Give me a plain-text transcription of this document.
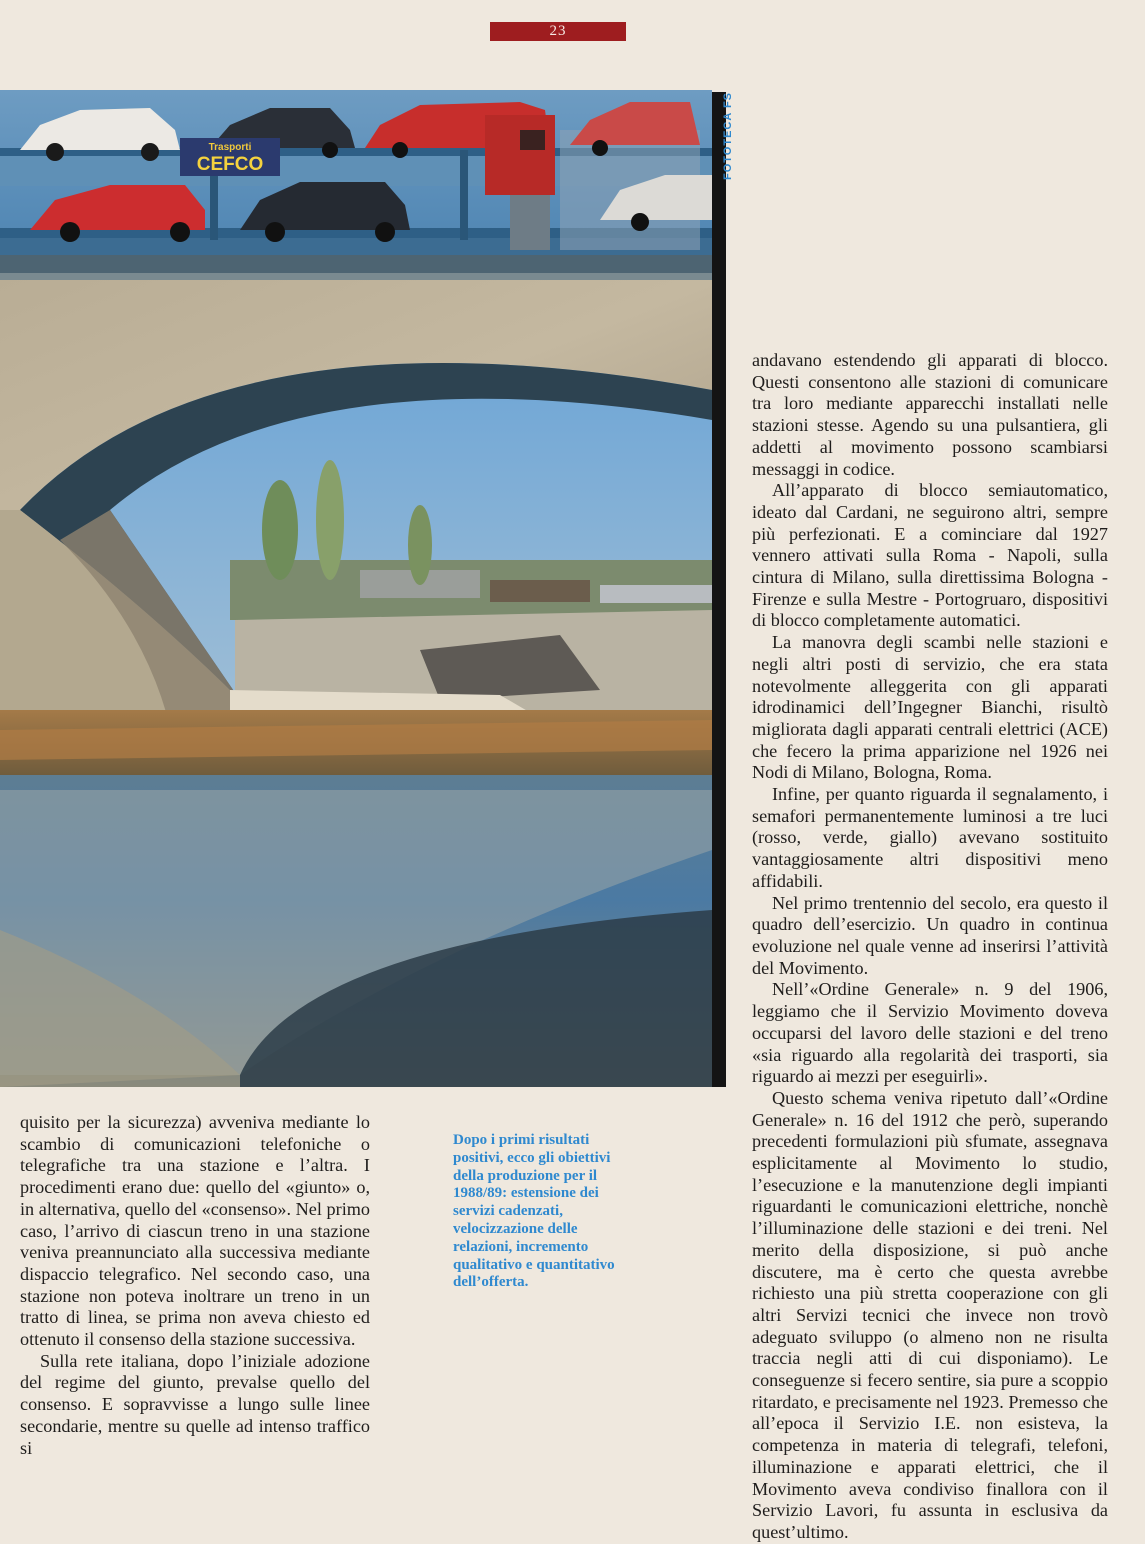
23
Trasporti
CEFCO	FOTOTECA FS

andavano estendendo gli apparati di blocco. Questi consentono alle stazioni di comunicare tra loro mediante apparecchi installati nelle stazioni stesse. Agendo su una pulsantiera, gli addetti al movimento possono scambiarsi messaggi in codice.

All’apparato di blocco semiautomatico, ideato dal Cardani, ne seguirono altri, sempre più perfezionati. E a cominciare dal 1927 vennero attivati sulla Roma - Napoli, sulla cintura di Milano, sulla direttissima Bologna - Firenze e sulla Mestre - Portogruaro, dispositivi di blocco completamente automatici.

La manovra degli scambi nelle stazioni e negli altri posti di servizio, che era stata notevolmente alleggerita con gli apparati idrodinamici dell’Ingegner Bianchi, risultò migliorata dagli apparati centrali elettrici (ACE) che fecero la prima apparizione nel 1926 nei Nodi di Milano, Bologna, Roma.

Infine, per quanto riguarda il segnalamento, i semafori permanentemente luminosi a tre luci (rosso, verde, giallo) avevano sostituito vantaggiosamente altri dispositivi meno affidabili.

Nel primo trentennio del secolo, era questo il quadro dell’esercizio. Un quadro in continua evoluzione nel quale venne ad inserirsi l’attività del Movimento.

Nell’«Ordine Generale» n. 9 del 1906, leggiamo che il Servizio Movimento doveva occuparsi del lavoro delle stazioni e del treno «sia riguardo alla regolarità dei trasporti, sia riguardo ai mezzi per eseguirli».

Questo schema veniva ripetuto dall’«Ordine Generale» n. 16 del 1912 che però, superando precedenti formulazioni più sfumate, assegnava esplicitamente al Movimento lo studio, l’esecuzione e la manutenzione degli impianti riguardanti le comunicazioni elettriche, nonchè l’illuminazione delle stazioni e dei treni. Nel merito della disposizione, si può anche discutere, ma è certo che questa avrebbe richiesto una più stretta cooperazione con gli altri Servizi tecnici che invece non trovò adeguato sviluppo (o almeno non ne risulta traccia negli atti di cui disponiamo). Le conseguenze si fecero sentire, sia pure a scoppio ritardato, e precisamente nel 1923. Premesso che all’epoca il Servizio I.E. non esisteva, la competenza in materia di telegrafi, telefoni, illuminazione e apparati elettrici, che il Movimento aveva condiviso finallora con il Servizio Lavori, fu assunta in esclusiva da quest’ultimo.

quisito per la sicurezza) avveniva mediante lo scambio di comunicazioni telefoniche o telegrafiche tra una stazione e l’altra. I procedimenti erano due: quello del «giunto» o, in alternativa, quello del «consenso». Nel primo caso, l’arrivo di ciascun treno in una stazione veniva preannunciato alla successiva mediante dispaccio telegrafico. Nel secondo caso, una stazione non poteva inoltrare un treno in un tratto di linea, se prima non aveva chiesto ed ottenuto il consenso della stazione successiva.

Sulla rete italiana, dopo l’iniziale adozione del regime del giunto, prevalse quello del consenso. E sopravvisse a lungo sulle linee secondarie, mentre su quelle ad intenso traffico si

Dopo i primi risultati positivi, ecco gli obiettivi della produzione per il 1988/89: estensione dei servizi cadenzati, velocizzazione delle relazioni, incremento qualitativo e quantitativo dell’offerta.
